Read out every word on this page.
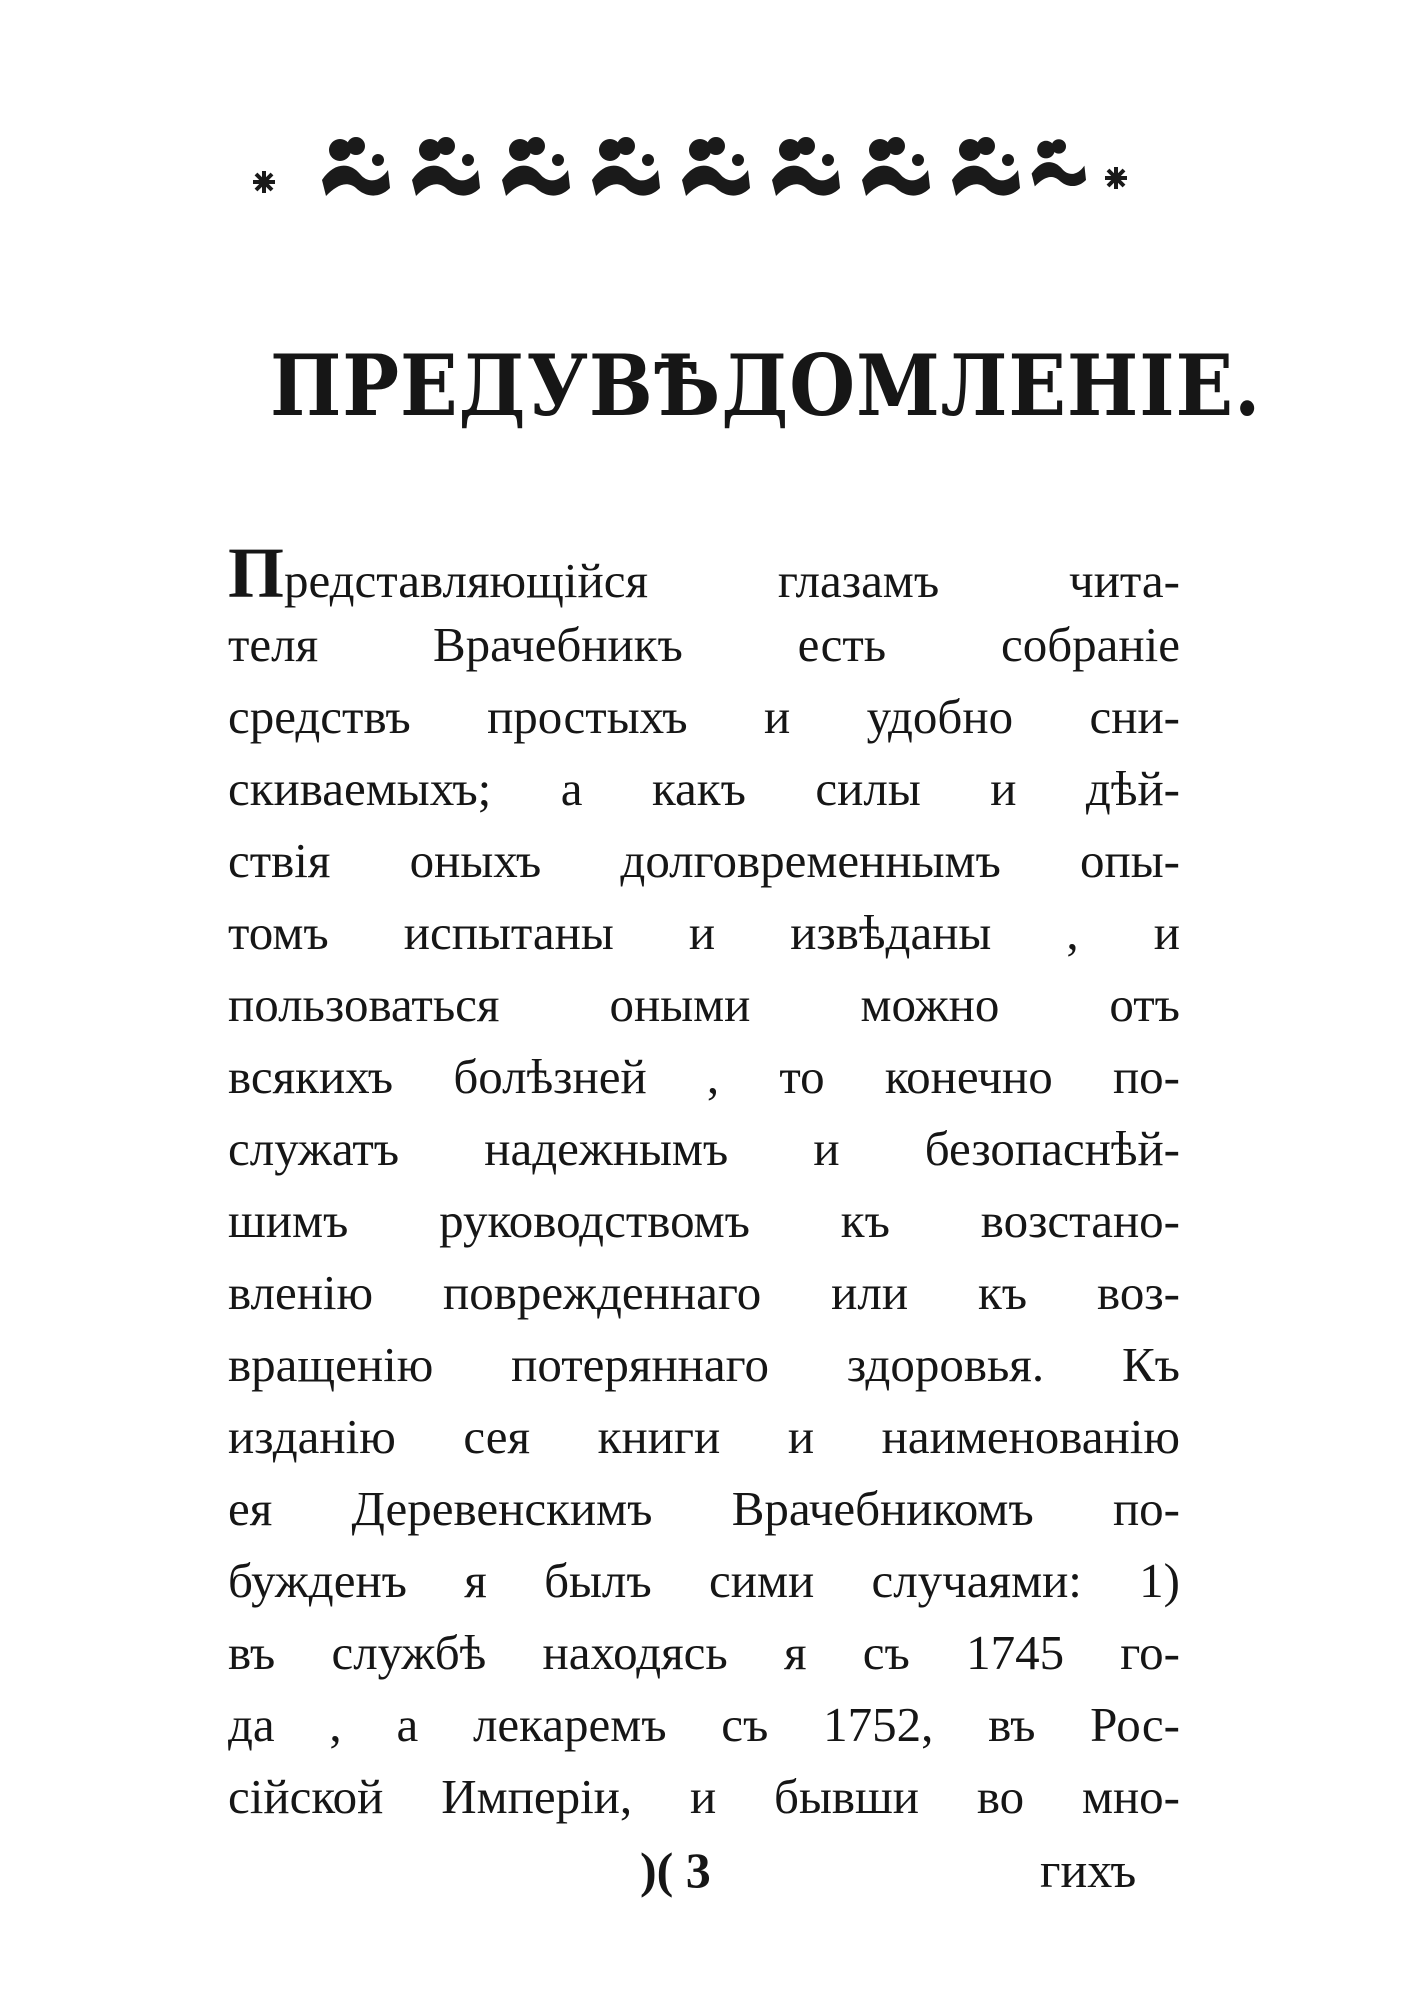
ПРЕДУВѢДОМЛЕНIЕ.
Представляющiйся глазамъ чита-
теля Врачебникъ есть собранiе
средствъ простыхъ и удобно сни-
скиваемыхъ; а какъ силы и дѣй-
ствiя оныхъ долговременнымъ опы-
томъ испытаны и извѣданы , и
пользоваться оными можно отъ
всякихъ болѣзней , то конечно по-
служатъ надежнымъ и безопаснѣй-
шимъ руководствомъ къ возстано-
вленiю поврежденнаго или къ воз-
вращенiю потеряннаго здоровья. Къ
изданiю сея книги и наименованiю
ея Деревенскимъ Врачебникомъ по-
бужденъ я былъ сими случаями: 1)
въ службѣ находясь я съ 1745 го-
да , а лекаремъ съ 1752, въ Рос-
сiйской Имперiи, и бывши во мно-
)( 3	гихъ
